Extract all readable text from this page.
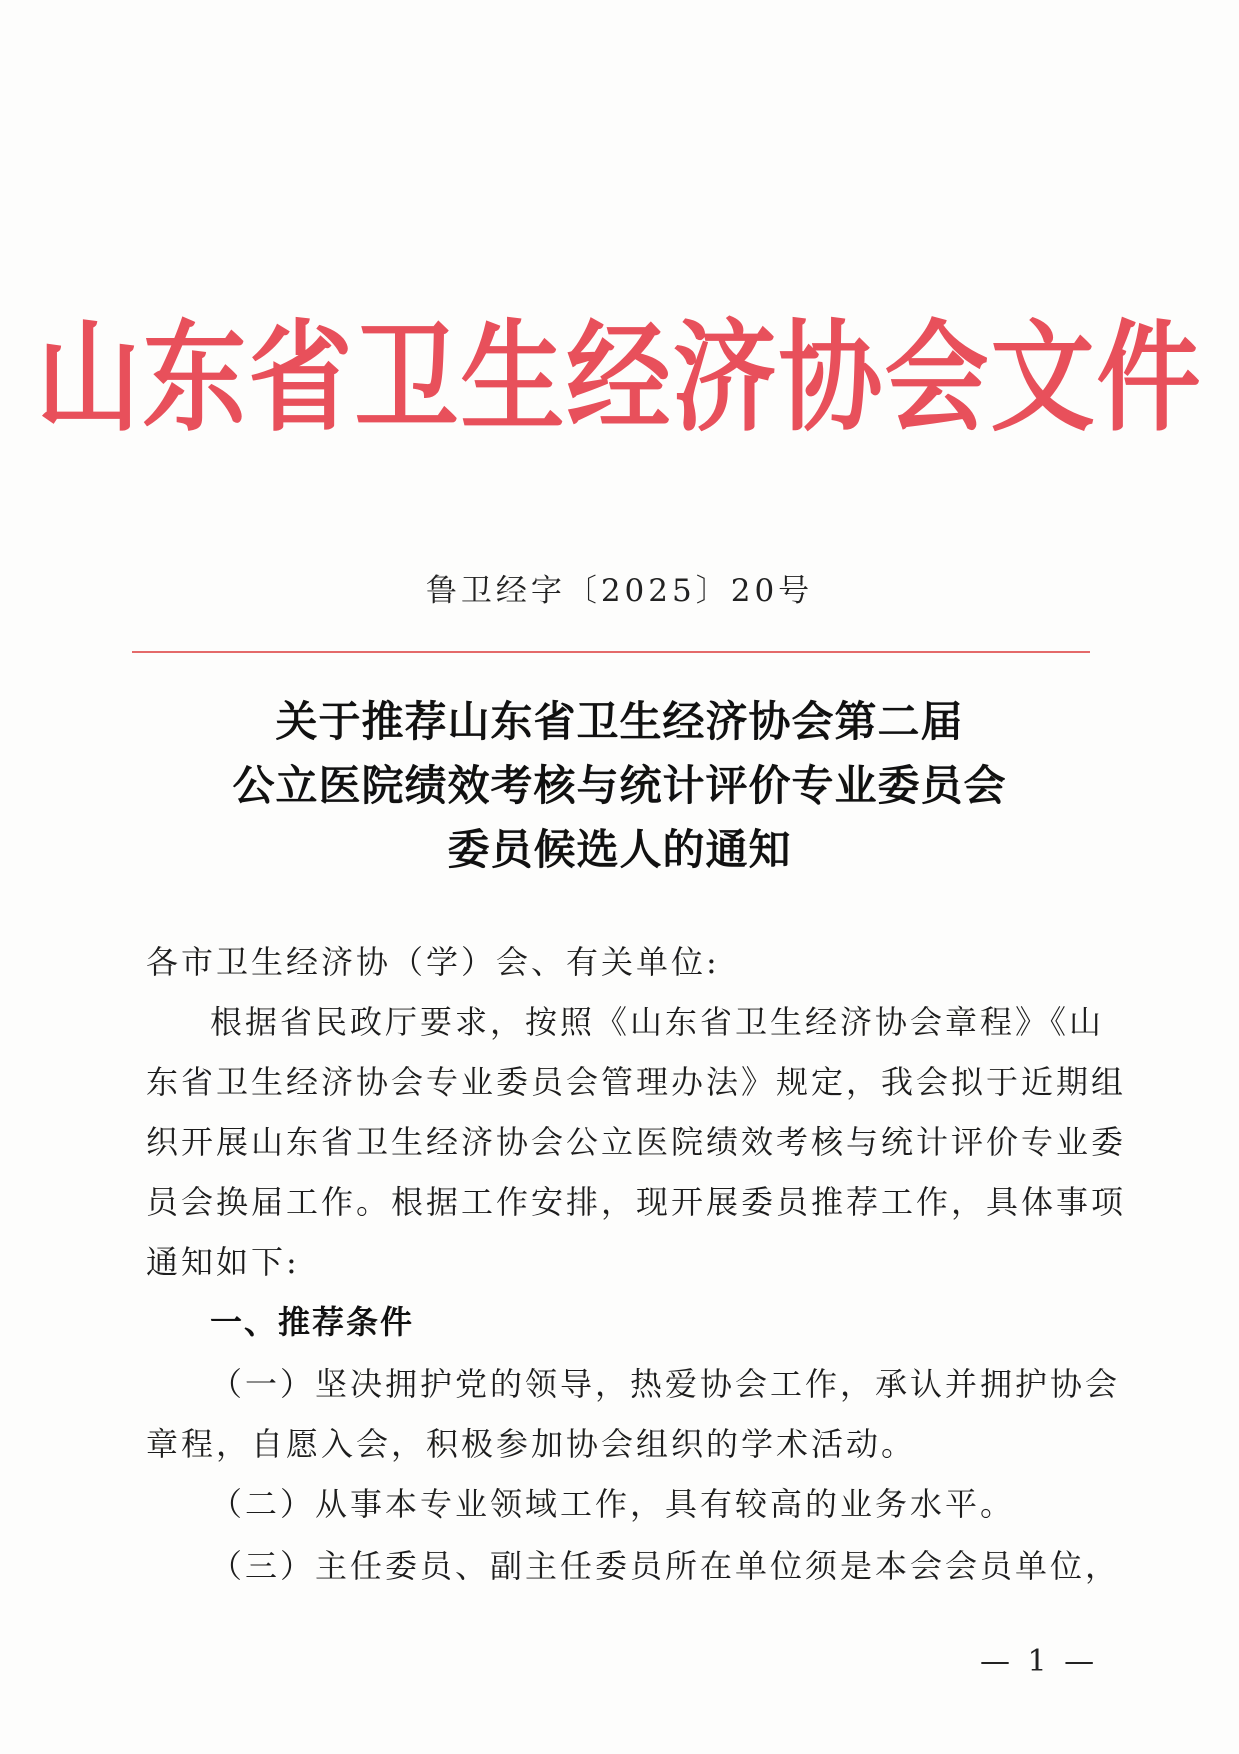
山东省卫生经济协会文件
鲁卫经字〔2025〕20号
关于推荐山东省卫生经济协会第二届
公立医院绩效考核与统计评价专业委员会
委员候选人的通知
各市卫生经济协（学）会、有关单位:
根据省民政厅要求，按照《山东省卫生经济协会章程》《山
东省卫生经济协会专业委员会管理办法》规定，我会拟于近期组
织开展山东省卫生经济协会公立医院绩效考核与统计评价专业委
员会换届工作。根据工作安排，现开展委员推荐工作，具体事项
通知如下:
一、推荐条件
（一）坚决拥护党的领导，热爱协会工作，承认并拥护协会
章程，自愿入会，积极参加协会组织的学术活动。
（二）从事本专业领域工作，具有较高的业务水平。
（三）主任委员、副主任委员所在单位须是本会会员单位，
— 1 —
